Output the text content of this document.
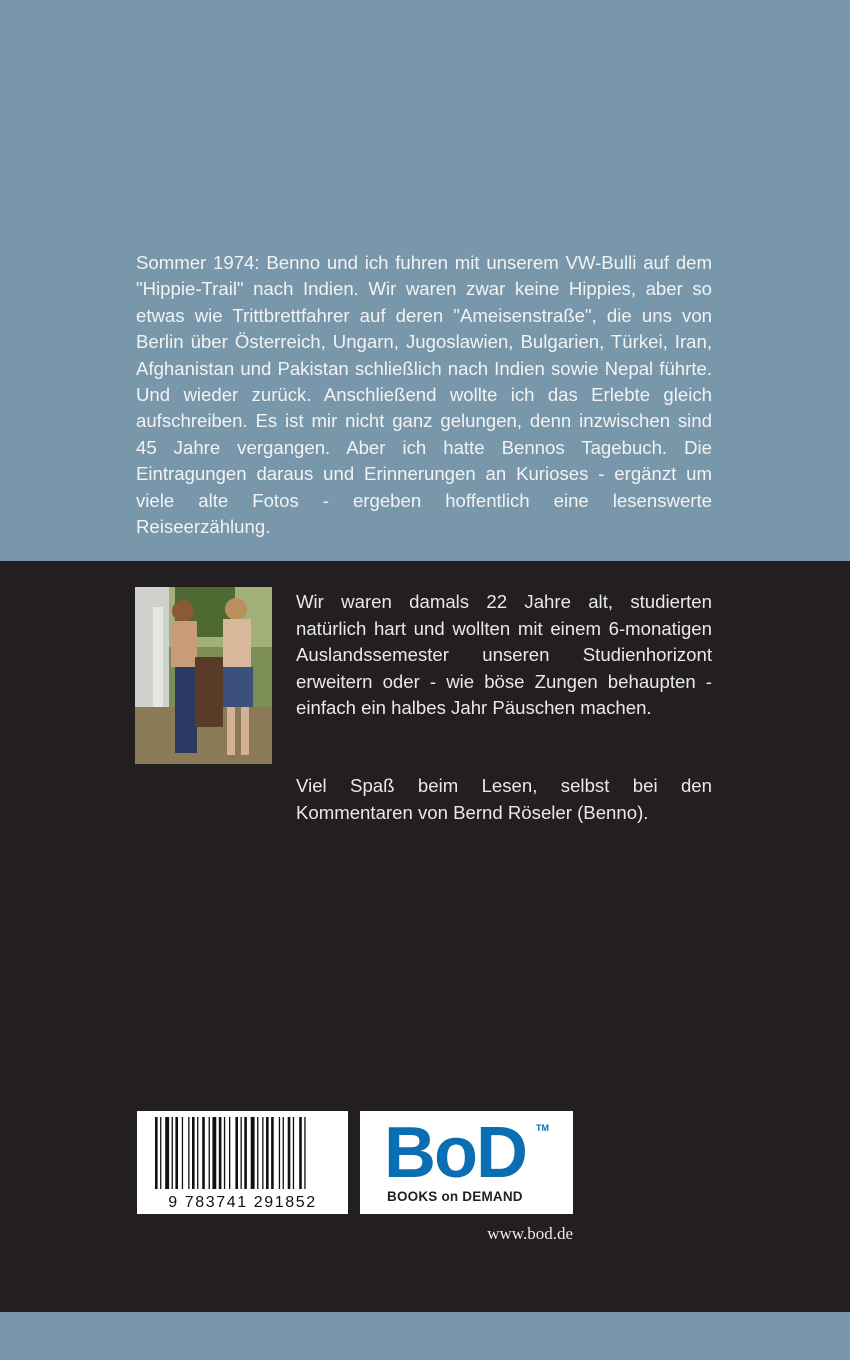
Sommer 1974: Benno und ich fuhren mit unserem VW-Bulli auf dem "Hippie-Trail" nach Indien. Wir waren zwar keine Hippies, aber so etwas wie Trittbrettfahrer auf deren "Ameisenstraße", die uns von Berlin über Österreich, Ungarn, Jugoslawien, Bulgarien, Türkei, Iran, Afghanistan und Pakistan schließlich nach Indien sowie Nepal führte. Und wieder zurück. Anschließend wollte ich das Erlebte gleich aufschreiben. Es ist mir nicht ganz gelungen, denn inzwischen sind 45 Jahre vergangen. Aber ich hatte Bennos Tagebuch. Die Eintragungen daraus und Erinnerungen an Kurioses - ergänzt um viele alte Fotos - ergeben hoffentlich eine lesenswerte Reiseerzählung.

Wir waren damals 22 Jahre alt, studierten natürlich hart und wollten mit einem 6-monatigen Auslandssemester unseren Studienhorizont erweitern oder - wie böse Zungen behaupten - einfach ein halbes Jahr Päuschen machen.

Viel Spaß beim Lesen, selbst bei den Kommentaren von Bernd Röseler (Benno).

9 783741 291852
BoD	TM
BOOKS on DEMAND
www.bod.de
